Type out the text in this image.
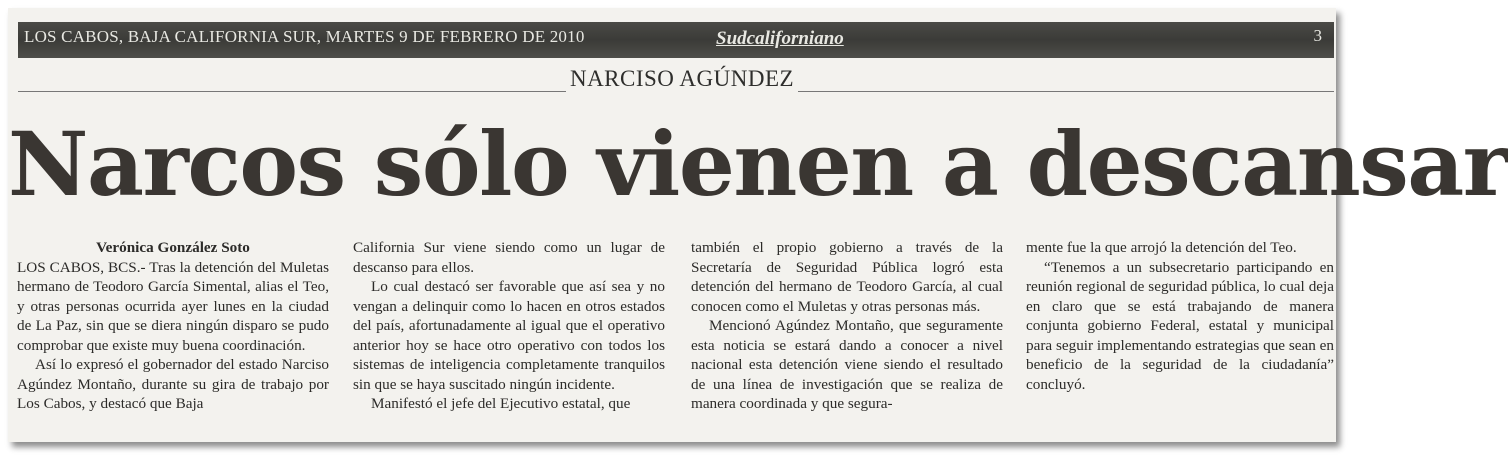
LOS CABOS, BAJA CALIFORNIA SUR, MARTES 9 DE FEBRERO DE 2010	Sudcaliforniano	3
NARCISO AGÚNDEZ
Narcos sólo vienen a descansar

Verónica González Soto

LOS CABOS, BCS.- Tras la detención del Muletas hermano de Teodoro García Simental, alias el Teo, y otras personas ocurrida ayer lunes en la ciudad de La Paz, sin que se diera ningún disparo se pudo comprobar que existe muy buena coordinación.

Así lo expresó el gobernador del estado Narciso Agúndez Montaño, durante su gira de trabajo por Los Cabos, y destacó que Baja

California Sur viene siendo como un lugar de descanso para ellos.

Lo cual destacó ser favorable que así sea y no vengan a delinquir como lo hacen en otros estados del país, afortunadamente al igual que el operativo anterior hoy se hace otro operativo con todos los sistemas de inteligencia completamente tranquilos sin que se haya suscitado ningún incidente.

Manifestó el jefe del Ejecutivo estatal, que

también el propio gobierno a través de la Secretaría de Seguridad Pública logró esta detención del hermano de Teodoro García, al cual conocen como el Muletas y otras personas más.

Mencionó Agúndez Montaño, que seguramente esta noticia se estará dando a conocer a nivel nacional esta detención viene siendo el resultado de una línea de investigación que se realiza de manera coordinada y que segura-

mente fue la que arrojó la detención del Teo.

“Tenemos a un subsecretario participando en reunión regional de seguridad pública, lo cual deja en claro que se está trabajando de manera conjunta gobierno Federal, estatal y municipal para seguir implementando estrategias que sean en beneficio de la seguridad de la ciudadanía” concluyó.
